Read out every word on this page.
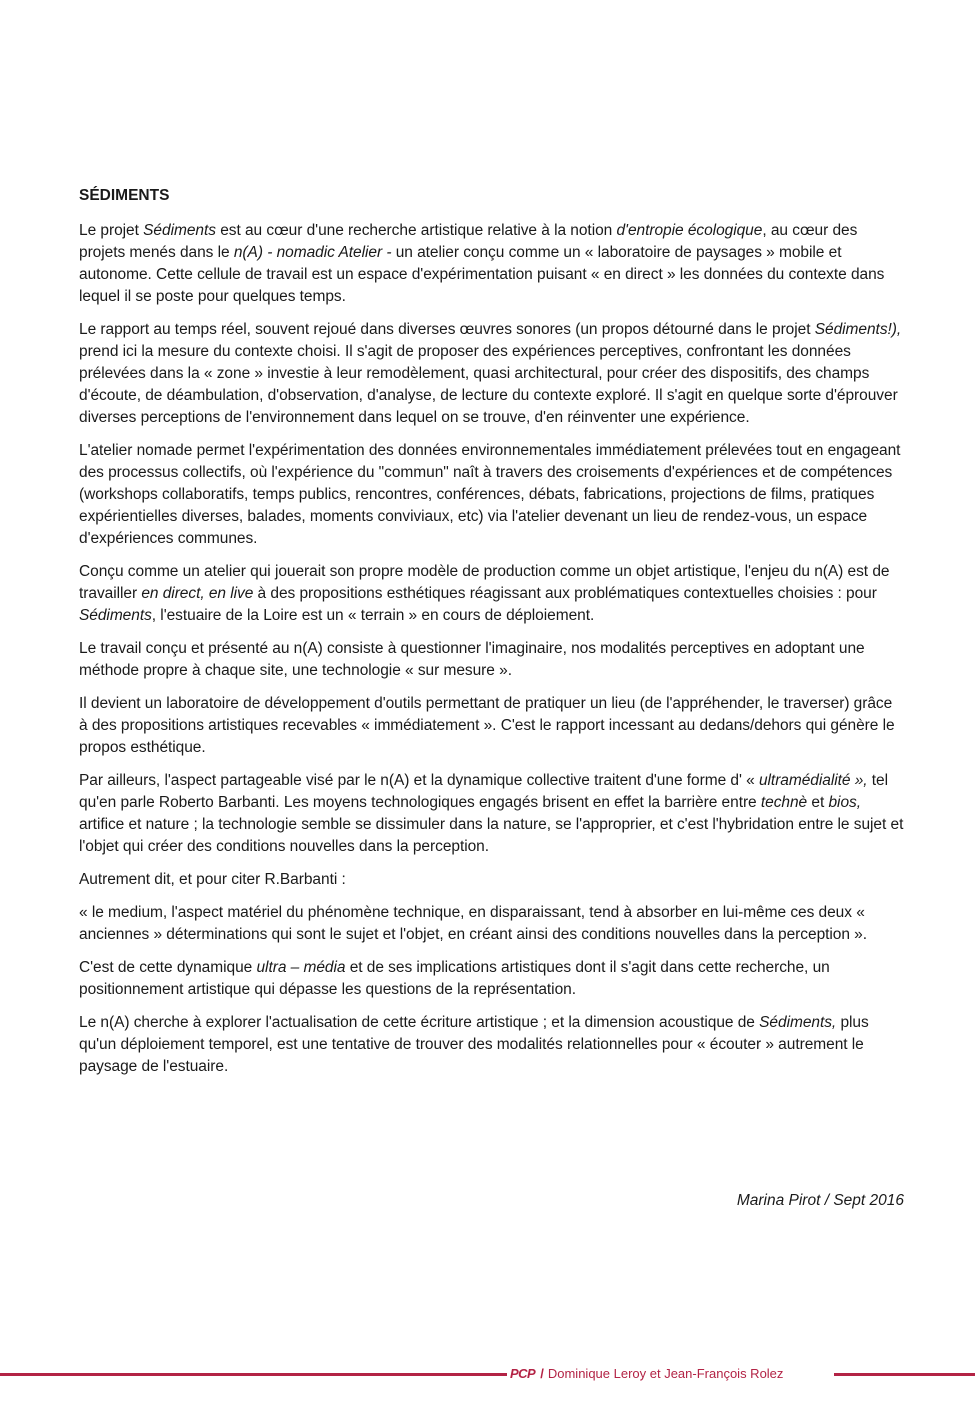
SÉDIMENTS

Le projet Sédiments est au cœur d'une recherche artistique relative à la notion d'entropie écologique, au cœur des projets menés dans le n(A) - nomadic Atelier - un atelier conçu comme un « laboratoire de paysages » mobile et autonome. Cette cellule de travail est un espace d'expérimentation puisant « en direct » les données du contexte dans lequel il se poste pour quelques temps.

Le rapport au temps réel, souvent rejoué dans diverses œuvres sonores (un propos détourné dans le projet Sédiments!), prend ici la mesure du contexte choisi. Il s'agit de proposer des expériences perceptives, confrontant les données prélevées dans la « zone » investie à leur remodèlement, quasi architectural, pour créer des dispositifs, des champs d'écoute, de déambulation, d'observation, d'analyse, de lecture du contexte exploré. Il s'agit en quelque sorte d'éprouver diverses perceptions de l'environnement dans lequel on se trouve, d'en réinventer une expérience.

L'atelier nomade permet l'expérimentation des données environnementales immédiatement prélevées tout en engageant des processus collectifs, où l'expérience du "commun" naît à travers des croisements d'expériences et de compétences (workshops collaboratifs, temps publics, rencontres, conférences, débats, fabrications, projections de films, pratiques expérientielles diverses, balades, moments conviviaux, etc) via l'atelier devenant un lieu de rendez-vous, un espace d'expériences communes.

Conçu comme un atelier qui jouerait son propre modèle de production comme un objet artistique, l'enjeu du n(A) est de travailler en direct, en live à des propositions esthétiques réagissant aux problématiques contextuelles choisies : pour Sédiments, l'estuaire de la Loire est un « terrain » en cours de déploiement.

Le travail conçu et présenté au n(A) consiste à questionner l'imaginaire, nos modalités perceptives en adoptant une méthode propre à chaque site, une technologie « sur mesure ».

Il devient un laboratoire de développement d'outils permettant de pratiquer un lieu (de l'appréhender, le traverser) grâce à des propositions artistiques recevables « immédiatement ». C'est le rapport incessant au dedans/dehors qui génère le propos esthétique.

Par ailleurs, l'aspect partageable visé par le n(A) et la dynamique collective traitent d'une forme d' « ultramédialité », tel qu'en parle Roberto Barbanti. Les moyens technologiques engagés brisent en effet la barrière entre technè et bios, artifice et nature ; la technologie semble se dissimuler dans la nature, se l'approprier, et c'est l'hybridation entre le sujet et l'objet qui créer des conditions nouvelles dans la perception.

Autrement dit, et pour citer R.Barbanti :

« le medium, l'aspect matériel du phénomène technique, en disparaissant, tend à absorber en lui-même ces deux « anciennes » déterminations qui sont le sujet et l'objet, en créant ainsi des conditions nouvelles dans la perception ».

C'est de cette dynamique ultra – média et de ses implications artistiques dont il s'agit dans cette recherche, un positionnement artistique qui dépasse les questions de la représentation.

Le n(A) cherche à explorer l'actualisation de cette écriture artistique ; et la dimension acoustique de Sédiments, plus qu'un déploiement temporel, est une tentative de trouver des modalités relationnelles pour « écouter » autrement le paysage de l'estuaire.

Marina Pirot / Sept 2016
PCP / Dominique Leroy et Jean-François Rolez
